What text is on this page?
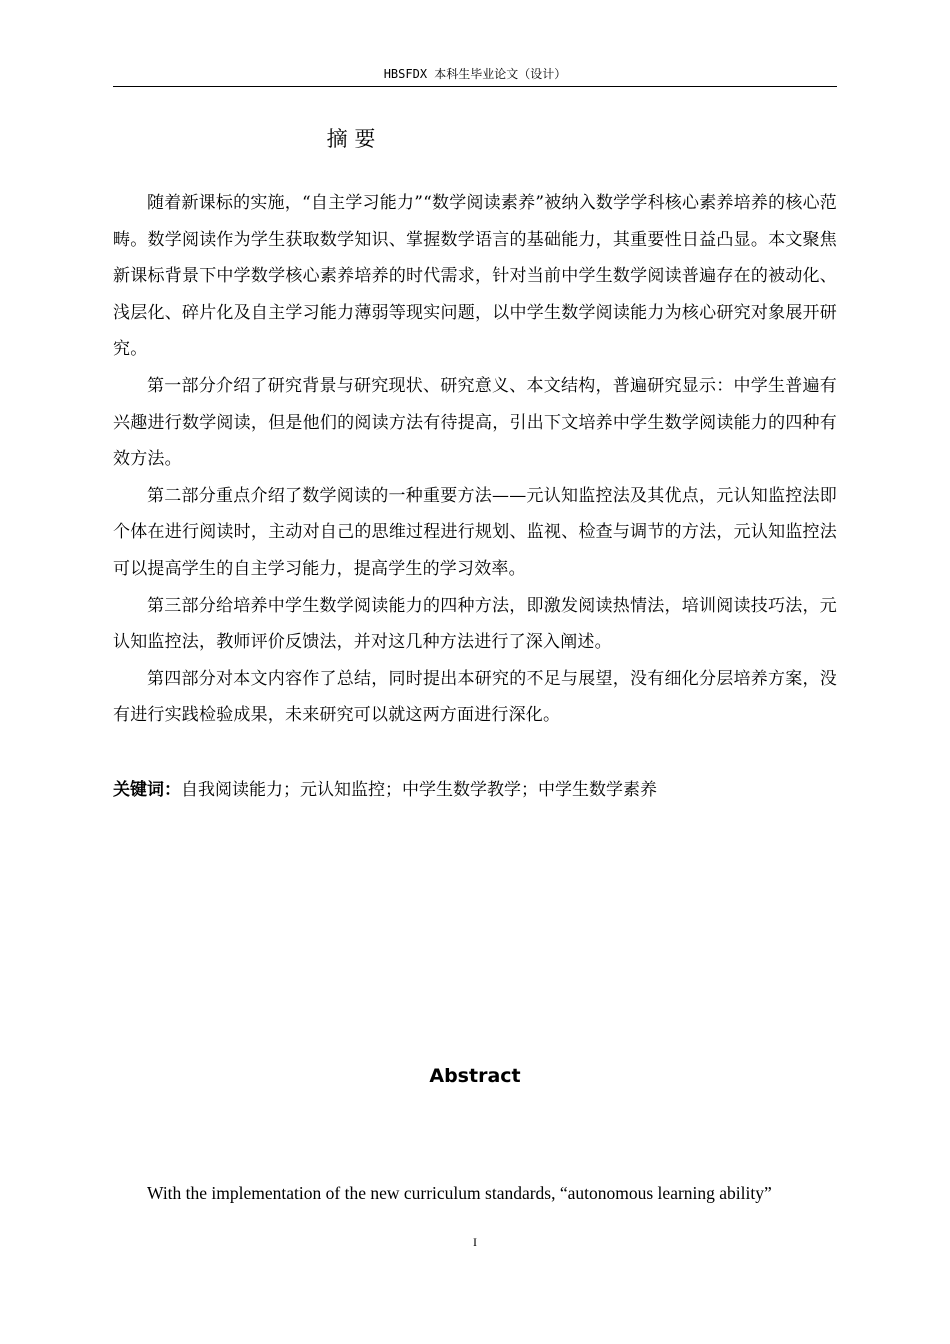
HBSFDX 本科生毕业论文（设计）
摘 要

随着新课标的实施，“自主学习能力”“数学阅读素养”被纳入数学学科核心素养培养的核心范畴。数学阅读作为学生获取数学知识、掌握数学语言的基础能力，其重要性日益凸显。本文聚焦新课标背景下中学数学核心素养培养的时代需求，针对当前中学生数学阅读普遍存在的被动化、浅层化、碎片化及自主学习能力薄弱等现实问题，以中学生数学阅读能力为核心研究对象展开研究。

第一部分介绍了研究背景与研究现状、研究意义、本文结构，普遍研究显示：中学生普遍有兴趣进行数学阅读，但是他们的阅读方法有待提高，引出下文培养中学生数学阅读能力的四种有效方法。

第二部分重点介绍了数学阅读的一种重要方法——元认知监控法及其优点，元认知监控法即个体在进行阅读时，主动对自己的思维过程进行规划、监视、检查与调节的方法，元认知监控法可以提高学生的自主学习能力，提高学生的学习效率。

第三部分给培养中学生数学阅读能力的四种方法，即激发阅读热情法，培训阅读技巧法，元认知监控法，教师评价反馈法，并对这几种方法进行了深入阐述。

第四部分对本文内容作了总结，同时提出本研究的不足与展望，没有细化分层培养方案，没有进行实践检验成果，未来研究可以就这两方面进行深化。

关键词：自我阅读能力；元认知监控；中学生数学教学；中学生数学素养
Abstract

With the implementation of the new curriculum standards, “autonomous learning ability”

I
